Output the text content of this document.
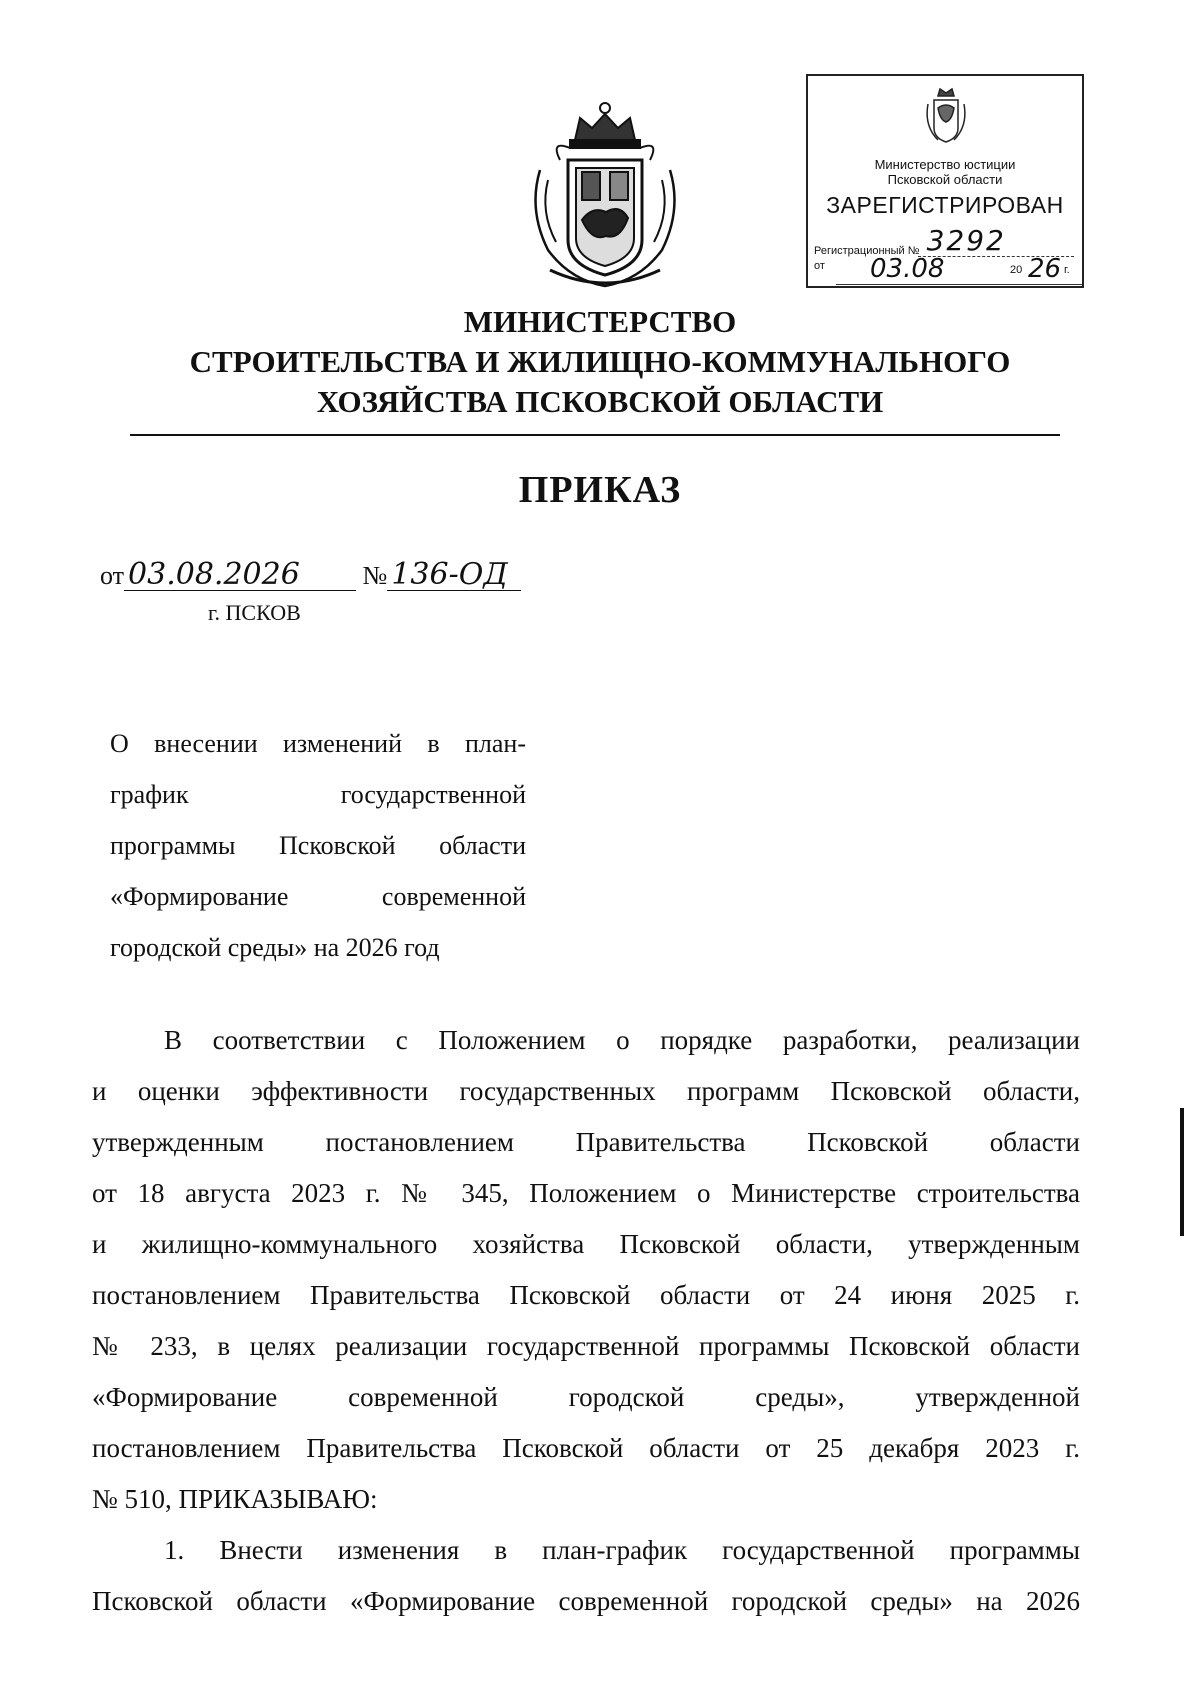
Министерство юстиции
Псковской области
ЗАРЕГИСТРИРОВАН
Регистрационный № 3292
от 03.08	20 26 г.
МИНИСТЕРСТВО
СТРОИТЕЛЬСТВА И ЖИЛИЩНО-КОММУНАЛЬНОГО
ХОЗЯЙСТВА ПСКОВСКОЙ ОБЛАСТИ
ПРИКАЗ
от 03.08.2026 № 136-ОД
г. ПСКОВ
О внесении изменений в план-
график государственной
программы Псковской области
«Формирование современной
городской среды» на 2026 год
В соответствии с Положением о порядке разработки, реализации
и оценки эффективности государственных программ Псковской области,
утвержденным постановлением Правительства Псковской области
от 18 августа 2023 г. № 345, Положением о Министерстве строительства
и жилищно-коммунального хозяйства Псковской области, утвержденным
постановлением Правительства Псковской области от 24 июня 2025 г.
№ 233, в целях реализации государственной программы Псковской области
«Формирование современной городской среды», утвержденной
постановлением Правительства Псковской области от 25 декабря 2023 г.
№ 510, ПРИКАЗЫВАЮ:
1. Внести изменения в план-график государственной программы
Псковской области «Формирование современной городской среды» на 2026
